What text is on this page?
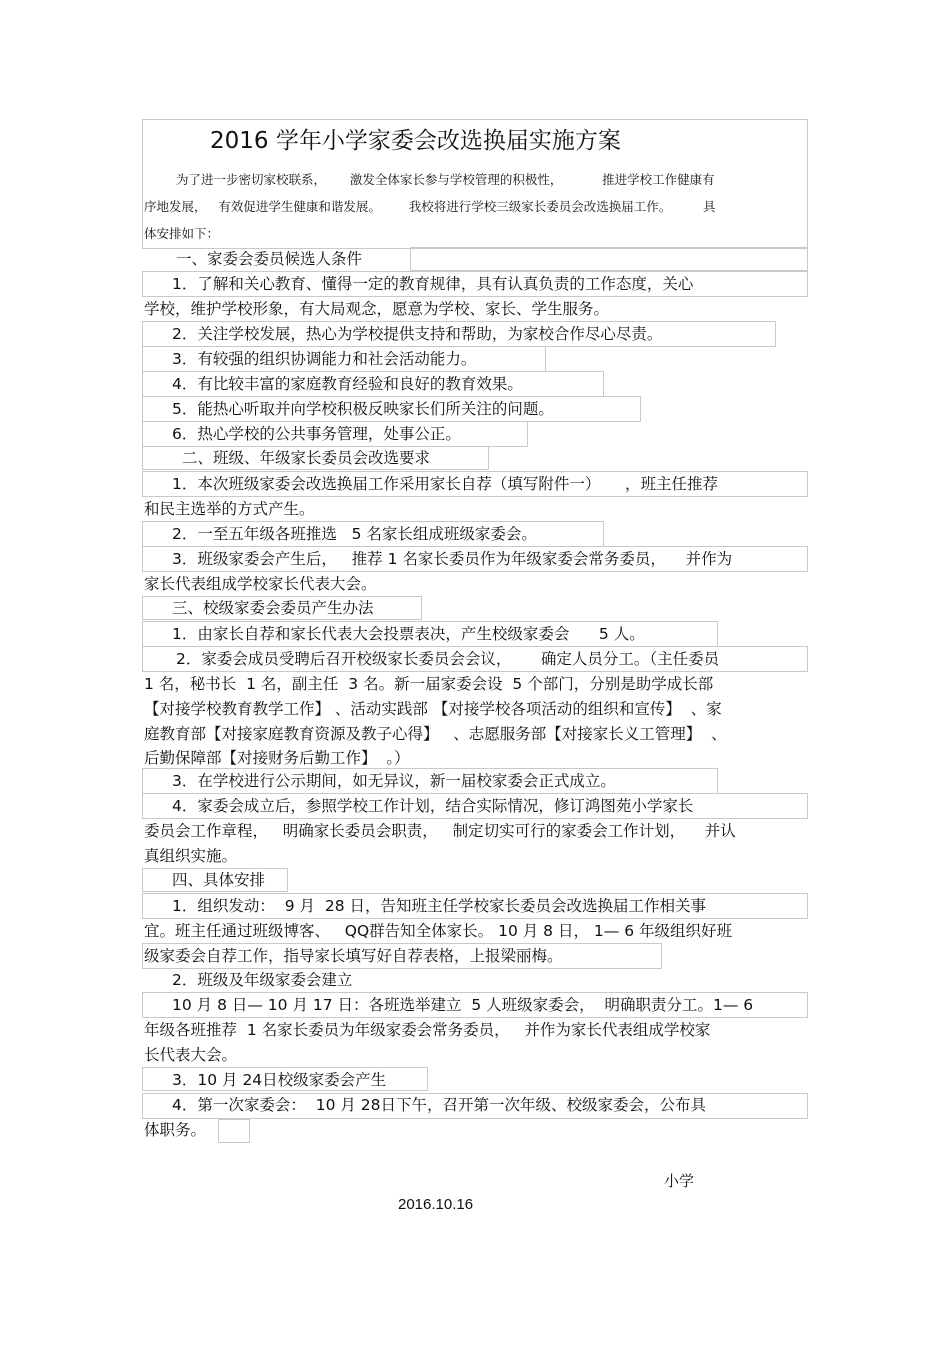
2016 学年小学家委会改选换届实施方案
为了进一步密切家校联系，      激发全体家长参与学校管理的积极性，          推进学校工作健康有
序地发展，   有效促进学生健康和谐发展。       我校将进行学校三级家长委员会改选换届工作。        具
体安排如下：
一、家委会委员候选人条件
1．了解和关心教育、懂得一定的教育规律，具有认真负责的工作态度，关心
学校，维护学校形象，有大局观念，愿意为学校、家长、学生服务。
2．关注学校发展，热心为学校提供支持和帮助，为家校合作尽心尽责。
3．有较强的组织协调能力和社会活动能力。
4．有比较丰富的家庭教育经验和良好的教育效果。
5．能热心听取并向学校积极反映家长们所关注的问题。
6．热心学校的公共事务管理，处事公正。
二、班级、年级家长委员会改选要求
1．本次班级家委会改选换届工作采用家长自荐（填写附件一）     ，班主任推荐
和民主选举的方式产生。
2．一至五年级各班推选   5 名家长组成班级家委会。
3．班级家委会产生后，   推荐 1 名家长委员作为年级家委会常务委员，    并作为
家长代表组成学校家长代表大会。
三、校级家委会委员产生办法
1．由家长自荐和家长代表大会投票表决，产生校级家委会      5 人。
2．家委会成员受聘后召开校级家长委员会会议，      确定人员分工。（主任委员
1 名，秘书长  1 名，副主任  3 名。新一届家委会设  5 个部门，分别是助学成长部
【对接学校教育教学工作】 、活动实践部 【对接学校各项活动的组织和宣传】  、家
庭教育部【对接家庭教育资源及教子心得】   、志愿服务部【对接家长义工管理】  、
后勤保障部【对接财务后勤工作】  。）
3．在学校进行公示期间，如无异议，新一届校家委会正式成立。
4．家委会成立后，参照学校工作计划，结合实际情况，修订鸿图苑小学家长
委员会工作章程，   明确家长委员会职责，   制定切实可行的家委会工作计划，    并认
真组织实施。
四、具体安排
1．组织发动：  9 月  28 日，告知班主任学校家长委员会改选换届工作相关事
宜。班主任通过班级博客、   QQ群告知全体家长。 10 月 8 日， 1— 6 年级组织好班
级家委会自荐工作，指导家长填写好自荐表格，上报梁丽梅。
2．班级及年级家委会建立
10 月 8 日— 10 月 17 日：各班选举建立  5 人班级家委会，  明确职责分工。1— 6
年级各班推荐  1 名家长委员为年级家委会常务委员，   并作为家长代表组成学校家
长代表大会。
3．10 月 24日校级家委会产生
4．第一次家委会：  10 月 28日下午，召开第一次年级、校级家委会，公布具
体职务。
小学
2016.10.16
